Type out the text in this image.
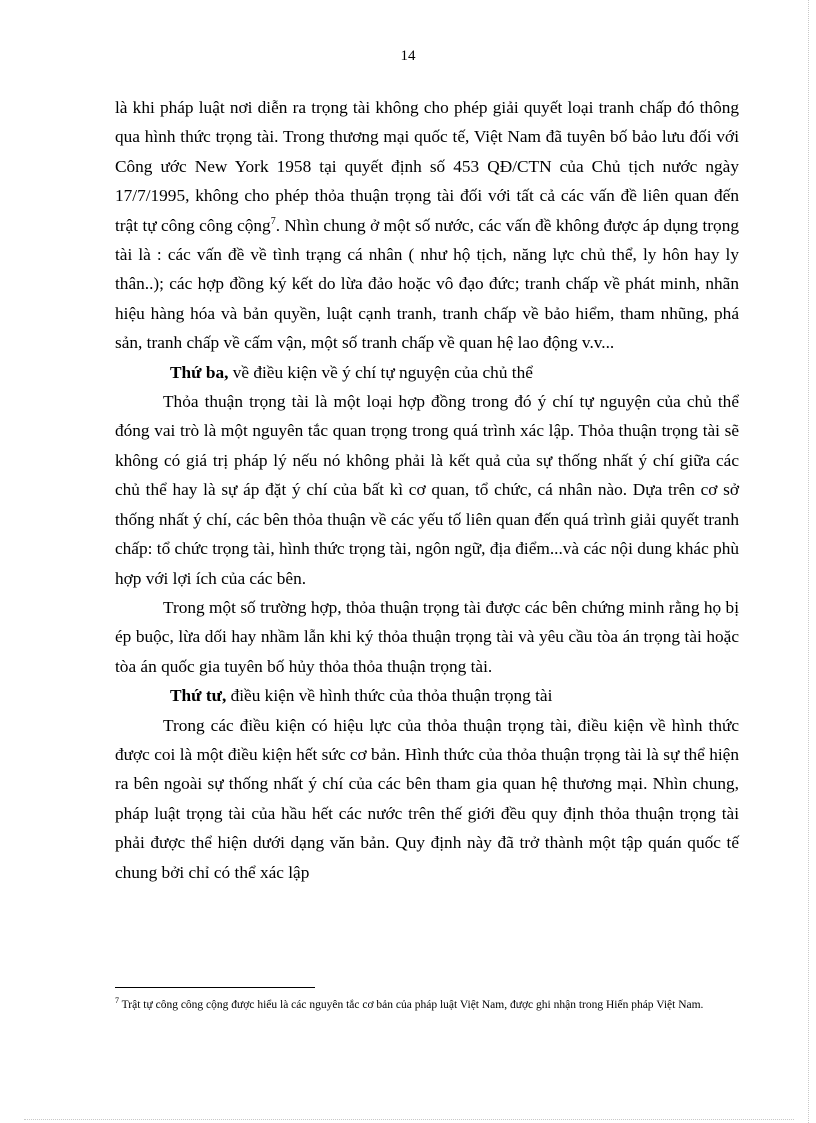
14

là khi pháp luật nơi diễn ra trọng tài không cho phép giải quyết loại tranh chấp đó thông qua hình thức trọng tài. Trong thương mại quốc tế, Việt Nam đã tuyên bố bảo lưu đối với Công ước New York 1958 tại quyết định số 453 QĐ/CTN của Chủ tịch nước ngày 17/7/1995, không cho phép thỏa thuận trọng tài đối với tất cả các vấn đề liên quan đến trật tự công công cộng$^7$. Nhìn chung ở một số nước, các vấn đề không được áp dụng trọng tài là : các vấn đề về tình trạng cá nhân ( như hộ tịch, năng lực chủ thể, ly hôn hay ly thân..); các hợp đồng ký kết do lừa đảo hoặc vô đạo đức; tranh chấp về phát minh, nhãn hiệu hàng hóa và bản quyền, luật cạnh tranh, tranh chấp về bảo hiểm, tham nhũng, phá sản, tranh chấp về cấm vận, một số tranh chấp về quan hệ lao động v.v...

Thứ ba, về điều kiện về ý chí tự nguyện của chủ thể

Thỏa thuận trọng tài là một loại hợp đồng trong đó ý chí tự nguyện của chủ thể đóng vai trò là một nguyên tắc quan trọng trong quá trình xác lập. Thỏa thuận trọng tài sẽ không có giá trị pháp lý nếu nó không phải là kết quả của sự thống nhất ý chí giữa các chủ thể hay là sự áp đặt ý chí của bất kì cơ quan, tổ chức, cá nhân nào. Dựa trên cơ sở thống nhất ý chí, các bên thỏa thuận về các yếu tố liên quan đến quá trình giải quyết tranh chấp: tổ chức trọng tài, hình thức trọng tài, ngôn ngữ, địa điểm...và các nội dung khác phù hợp với lợi ích của các bên.

Trong một số trường hợp, thỏa thuận trọng tài được các bên chứng minh rằng họ bị ép buộc, lừa dối hay nhầm lẫn khi ký thỏa thuận trọng tài và yêu cầu tòa án trọng tài hoặc tòa án quốc gia tuyên bố hủy thỏa thỏa thuận trọng tài.

Thứ tư, điều kiện về hình thức của thỏa thuận trọng tài

Trong các điều kiện có hiệu lực của thỏa thuận trọng tài, điều kiện về hình thức được coi là một điều kiện hết sức cơ bản. Hình thức của thỏa thuận trọng tài là sự thể hiện ra bên ngoài sự thống nhất ý chí của các bên tham gia quan hệ thương mại. Nhìn chung, pháp luật trọng tài của hầu hết các nước trên thế giới đều quy định thỏa thuận trọng tài phải được thể hiện dưới dạng văn bản. Quy định này đã trở thành một tập quán quốc tế chung bởi chỉ có thể xác lập

$^7$ Trật tự công công cộng được hiểu là các nguyên tắc cơ bản của pháp luật Việt Nam, được ghi nhận trong Hiến pháp Việt Nam.
